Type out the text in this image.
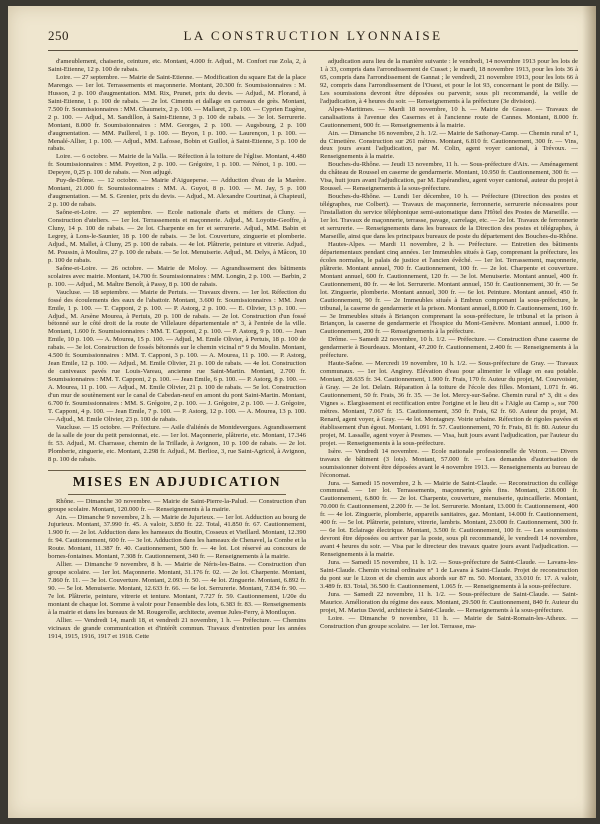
250	LA CONSTRUCTION LYONNAISE

d'ameublement, chaiserie, ceinture, etc. Montant, 4.000 fr. Adjud., M. Confort rue Zola, 2, à Saint-Etienne, 12 p. 100 de rabais.

Loire. — 27 septembre. — Mairie de Saint-Etienne. — Modification du square Est de la place Marengo. — 1er lot. Terrassements et maçonnerie. Montant, 20.300 fr. Soumissionnaires : M. Husson, 2 p. 100 d'augmentation. MM. Rix, Prunet, prix du devis. — Adjud., M. Florand, à Saint-Etienne, 1 p. 100 de rabais. — 2e lot. Ciments et dallage en carreaux de grès. Montant, 7.500 fr. Soumissionnaires : MM. Chaumeix, 2 p. 100. — Mallaret, 2 p. 100. — Cyprien Eugène, 2 p. 100. — Adjud., M. Sandillon, à Saint-Etienne, 3 p. 100 de rabais. — 3e lot. Serrurerie. Montant, 8.000 fr. Soumissionnaires : MM. Georges, 2 p. 100. — Augsbourg, 2 p. 100 d'augmentation. — MM. Paillerel, 1 p. 100. — Bryon, 1 p. 100. — Laurençon, 1 p. 100. — Menalé-Allier, 1 p. 100. — Adjud., MM. Lafosse, Bobin et Guillot, à Saint-Etienne, 3 p. 100 de rabais.

Loire. — 6 octobre. — Mairie de la Valla. — Réfection à la toiture de l'église. Montant, 4.480 fr. Soumissionnaires : MM. Poyetton, 2 p. 100. — Grégoire, 1 p. 100. — Nénot, 1 p. 100. — Depeyre, 0,25 p. 100 de rabais. — Non adjugé.

Puy-de-Dôme. — 12 octobre. — Mairie d'Aigueperse. — Adduction d'eau de la Marère. Montant, 21.000 fr. Soumissionnaires : MM. A. Guyot, 8 p. 100. — M. Jay, 5 p. 100 d'augmentation. — M. S. Grenier, prix du devis. — Adjud., M. Alexandre Courtinat, à Chapteuil, 2 p. 100 de rabais.

Saône-et-Loire. — 27 septembre. — Ecole nationale d'arts et métiers de Cluny. — Construction d'ateliers. — 1er lot. Terrassements et maçonnerie. Adjud., M. Loyotte-Geoffre, à Cluny, 14 p. 100 de rabais. — 2e lot. Charpente en fer et serrurerie. Adjud., MM. Babin et Legrey, à Lons-le-Saunier, 18 p. 100 de rabais. — 3e lot. Couverture, zinguerie et plomberie. Adjud., M. Mallet, à Cluny, 25 p. 100 de rabais. — 4e lot. Plâtrerie, peinture et vitrerie. Adjud., M. Poussin, à Moulins, 27 p. 100 de rabais. — 5e lot. Menuiserie. Adjud., M. Delys, à Mâcon, 10 p. 100 de rabais.

Saône-et-Loire. — 26 octobre. — Mairie de Moloy. — Agrandissement des bâtiments scolaires avec mairie. Montant, 14.700 fr. Soumissionnaires : MM. Longin, 2 p. 100. — Barbin, 2 p. 100. — Adjud., M. Maître Benoît, à Passy, 8 p. 100 de rabais.

Vaucluse. — 18 septembre. — Mairie de Pertuis. — Travaux divers. — 1er lot. Réfection du fossé des écoulements des eaux de l'abattoir. Montant, 3.600 fr. Soumissionnaires : MM. Jean Emile, 1 p. 100. — T. Capponi, 2 p. 100. — P. Astorg, 2 p. 100. — E. Olivier, 13 p. 100. — Adjud., M. Arsène Mourea, à Pertuis, 20 p. 100 de rabais. — 2e lot. Construction d'un fossé bétonné sur le côté droit de la route de Villelaure départementale n° 3, à l'entrée de la ville. Montant, 1.600 fr. Soumissionnaires : MM. T. Capponi, 2 p. 100. — P. Astorg, 9 p. 100. — Jean Emile, 10 p. 100. — A. Mourea, 15 p. 100. — Adjud., M. Emile Olivier, à Pertuis, 18 p. 100 de rabais. — 3e lot. Construction de fossés bétonnés sur le chemin vicinal n° 9 du Moulin. Montant, 4.500 fr. Soumissionnaires : MM. T. Capponi, 3 p. 100. — A. Mourea, 11 p. 100. — P. Astorg, Jean Emile, 12 p. 100. — Adjud., M. Emile Olivier, 21 p. 100 de rabais. — 4e lot. Construction de caniveaux pavés rue Louis-Vareau, ancienne rue Saint-Martin. Montant, 2.700 fr. Soumissionnaires : MM. T. Capponi, 2 p. 100. — Jean Emile, 6 p. 100. — P. Astorg, 8 p. 100. — A. Mourea, 11 p. 100. — Adjud., M. Emile Olivier, 21 p. 100 de rabais. — 5e lot. Construction d'un mur de soutènement sur le canal de Cabedan-neuf en amont du pont Saint-Martin. Montant, 6.700 fr. Soumissionnaires : MM. S. Grégoire, 2 p. 100. — J. Grégoire, 2 p. 100. — J. Grégoire, T. Capponi, 4 p. 100. — Jean Emile, 7 p. 100. — P. Astorg, 12 p. 100. — A. Mourea, 13 p. 100. — Adjud., M. Emile Olivier, 23 p. 100 de rabais.

Vaucluse. — 15 octobre. — Préfecture. — Asile d'aliénés de Montdevergues. Agrandissement de la salle de jour du petit pensionnat, etc. — 1er lot. Maçonnerie, plâtrerie, etc. Montant, 17.346 fr. 53. Adjud., M. Charrasse, chemin de la Trillade, à Avignon, 10 p. 100 de rabais. — 2e lot. Plomberie, zinguerie, etc. Montant, 2.298 fr. Adjud., M. Berlioz, 3, rue Saint-Agricol, à Avignon, 8 p. 100 de rabais.

MISES EN ADJUDICATION

Rhône. — Dimanche 30 novembre. — Mairie de Saint-Pierre-la-Palud. — Construction d'un groupe scolaire. Montant, 120.000 fr. — Renseignements à la mairie.

Ain. — Dimanche 9 novembre, 2 h. — Mairie de Jujurieux. — 1er lot. Adduction au bourg de Jujurieux. Montant, 37.990 fr. 45. A valoir, 3.850 fr. 22. Total, 41.850 fr. 67. Cautionnement, 1.900 fr. — 2e lot. Adduction dans les hameaux du Boutin, Cosseux et Vieillard. Montant, 12.390 fr. 94. Cautionnement, 600 fr. — 3e lot. Adduction dans les hameaux de Chenavel, la Combe et la Route. Montant, 11.387 fr. 40. Cautionnement, 500 fr. — 4e lot. Lot réservé au concours de bornes-fontaines. Montant, 7.308 fr. Cautionnement, 340 fr. — Renseignements à la mairie.

Allier. — Dimanche 9 novembre, 8 h. — Mairie de Néris-les-Bains. — Construction d'un groupe scolaire. — 1er lot. Maçonnerie. Montant, 31.176 fr. 02. — 2e lot. Charpente. Montant, 7.860 fr. 11. — 3e lot. Couverture. Montant, 2.093 fr. 50. — 4e lot. Zinguerie. Montant, 6.892 fr. 90. — 5e lot. Menuiserie. Montant, 12.633 fr. 66. — 6e lot. Serrurerie. Montant, 7.834 fr. 90. — 7e lot. Plâtrerie, peinture, vitrerie et tenture. Montant, 7.727 fr. 59. Cautionnement, 1/20e du montant de chaque lot. Somme à valoir pour l'ensemble des lots, 6.383 fr. 83. — Renseignements à la mairie et dans les bureaux de M. Rougerolle, architecte, avenue Jules-Ferry, à Montluçon.

Allier. — Vendredi 14, mardi 18, et vendredi 21 novembre, 1 h. — Préfecture. — Chemins vicinaux de grande communication et d'intérêt commun. Travaux d'entretien pour les années 1914, 1915, 1916, 1917 et 1918. Cette

adjudication aura lieu de la manière suivante : le vendredi, 14 novembre 1913 pour les lots de 1 à 33, compris dans l'arrondissement de Cusset ; le mardi, 18 novembre 1913, pour les lots 36 à 65, compris dans l'arrondissement de Gannat ; le vendredi, 21 novembre 1913, pour les lots 66 à 92, compris dans l'arrondissement de l'Ouest, et pour le lot 93, concernant le pont de Billy. — Les soumissions devront être déposées ou parvenir, sous pli recommandé, la veille de l'adjudication, à 4 heures du soir. — Renseignements à la préfecture (3e division).

Alpes-Maritimes. — Mardi 18 novembre, 10 h. — Mairie de Grasse. — Travaux de canalisations à l'avenue des Casernes et à l'ancienne route de Cannes. Montant, 8.000 fr. Cautionnement, 900 fr. — Renseignements à la mairie.

Ain. — Dimanche 16 novembre, 2 h. 1/2. — Mairie de Sathonay-Camp. — Chemin rural n° 1, du Cimetière. Construction sur 261 mètres. Montant, 6.810 fr. Cautionnement, 300 fr. — Vins, deux jours avant l'adjudication, par M. Colin, agent voyer cantonal, à Trévoux. — Renseignements à la mairie.

Bouches-du-Rhône. — Jeudi 13 novembre, 11 h. — Sous-préfecture d'Aix. — Aménagement du château de Roussel en caserne de gendarmerie. Montant, 10.950 fr. Cautionnement, 300 fr. — Visa, huit jours avant l'adjudication, par M. Espérandieu, agent voyer cantonal, auteur du projet à Roussel. — Renseignements à la sous-préfecture.

Bouches-du-Rhône. — Lundi 1er décembre, 10 h. — Préfecture (Direction des postes et télégraphes, rue Colbert). — Travaux de maçonnerie, ferronnerie, serrurerie nécessaires pour l'installation du service téléphonique semi-automatique dans l'Hôtel des Postes de Marseille. — 1er lot. Travaux de maçonnerie, terrasse, pavage, carrelage, etc. — 2e lot. Travaux de ferronnerie et serrurerie. — Renseignements dans les bureaux de la Direction des postes et télégraphes, à Marseille, ainsi que dans les principaux bureaux de poste du département des Bouches-du-Rhône.

Hautes-Alpes. — Mardi 11 novembre, 2 h. — Préfecture. — Entretien des bâtiments départementaux pendant cinq années. 1er Immeubles situés à Gap, comprenant la préfecture, les écoles normales, le palais de justice et l'ancien évêché. — 1er lot. Terrassement, maçonnerie, plâtrerie. Montant annuel, 700 fr. Cautionnement, 100 fr. — 2e lot. Charpente et couverture. Montant annuel, 600 fr. Cautionnement, 120 fr. — 3e lot. Menuiserie. Montant annuel, 400 fr. Cautionnement, 80 fr. — 4e lot. Serrurerie. Montant annuel, 150 fr. Cautionnement, 30 fr. — 5e lot. Zinguerie, plomberie. Montant annuel, 300 fr. — 6e lot. Peinture. Montant annuel, 450 fr. Cautionnement, 90 fr. — 2e Immeubles situés à Embrun comprenant la sous-préfecture, le tribunal, la caserne de gendarmerie et la prison. Montant annuel, 8.000 fr. Cautionnement, 160 fr. — 3e Immeubles situés à Briançon comprenant la sous-préfecture, le tribunal et la prison à Briançon, la caserne de gendarmerie et l'hospice du Mont-Genèvre. Montant annuel, 1.000 fr. Cautionnement, 200 fr. — Renseignements à la préfecture.

Drôme. — Samedi 22 novembre, 10 h. 1/2. — Préfecture. — Construction d'une caserne de gendarmerie à Bourdeaux. Montant, 47.200 fr. Cautionnement, 2.400 fr. — Renseignements à la préfecture.

Haute-Saône. — Mercredi 19 novembre, 10 h. 1/2. — Sous-préfecture de Gray. — Travaux communaux. — 1er lot. Angirey. Elévation d'eau pour alimenter le village en eau potable. Montant, 28.635 fr. 34. Cautionnement, 1.900 fr. Frais, 170 fr. Auteur du projet, M. Courvoisier, à Gray. — 2e lot. Delain. Réparation à la toiture de l'école des filles. Montant, 1.071 fr. 46. Cautionnement, 50 fr. Frais, 36 fr. 35. — 3e lot. Mercy-sur-Saône. Chemin rural n° 3, dit « des Vignes ». Elargissement et rectification entre l'origine et le lieu dit « l'Aigle au Camp », sur 700 mètres. Montant, 7.067 fr. 15. Cautionnement, 350 fr. Frais, 62 fr. 60. Auteur du projet, M. Renard, agent voyer, à Gray. — 4e lot. Montagney. Voirie urbaine. Réfection de rigoles pavées et établissement d'un égout. Montant, 1.091 fr. 57. Cautionnement, 70 fr. Frais, 81 fr. 80. Auteur du projet, M. Lassalle, agent voyer à Pesmes. — Visa, huit jours avant l'adjudication, par l'auteur du projet. — Renseignements à la sous-préfecture.

Isère. — Vendredi 14 novembre. — Ecole nationale professionnelle de Voiron. — Divers travaux de bâtiment (3 lots). Montant, 57.000 fr. — Les demandes d'autorisation de soumissionner doivent être déposées avant le 4 novembre 1913. — Renseignements au bureau de l'économat.

Jura. — Samedi 15 novembre, 2 h. — Mairie de Saint-Claude. — Reconstruction du collège communal. — 1er lot. Terrassements, maçonnerie, grès fins. Montant, 218.000 fr. Cautionnement, 6.800 fr. — 2e lot. Charpente, couverture, menuiserie, quincaillerie. Montant, 70.000 fr. Cautionnement, 2.200 fr. — 3e lot. Serrurerie. Montant, 13.000 fr. Cautionnement, 400 fr. — 4e lot. Zinguerie, plomberie, appareils sanitaires, gaz. Montant, 14.000 fr. Cautionnement, 400 fr. — 5e lot. Plâtrerie, peinture, vitrerie, lambris. Montant, 23.000 fr. Cautionnement, 300 fr. — 6e lot. Eclairage électrique. Montant, 3.500 fr. Cautionnement, 100 fr. — Les soumissions devront être déposées ou arriver par la poste, sous pli recommandé, le vendredi 14 novembre, avant 4 heures du soir. — Visa par le directeur des travaux quatre jours avant l'adjudication. — Renseignements à la mairie.

Jura. — Samedi 15 novembre, 11 h. 1/2. — Sous-préfecture de Saint-Claude. — Lavans-les-Saint-Claude. Chemin vicinal ordinaire n° 1 de Lavans à Saint-Claude. Projet de reconstruction du pont sur le Lizon et de chemin aux abords sur 87 m. 50. Montant, 33.010 fr. 17. A valoir, 3.489 fr. 83. Total, 36.500 fr. Cautionnement, 1.065 fr. — Renseignements à la sous-préfecture.

Jura. — Samedi 22 novembre, 11 h. 1/2. — Sous-préfecture de Saint-Claude. — Saint-Maurice. Amélioration du régime des eaux. Montant, 29.500 fr. Cautionnement, 840 fr. Auteur du projet, M. Marius David, architecte à Saint-Claude. — Renseignements à la sous-préfecture.

Loire. — Dimanche 9 novembre, 11 h. — Mairie de Saint-Romain-les-Atheux. — Construction d'un groupe scolaire. — 1er lot. Terrasse, ma-
